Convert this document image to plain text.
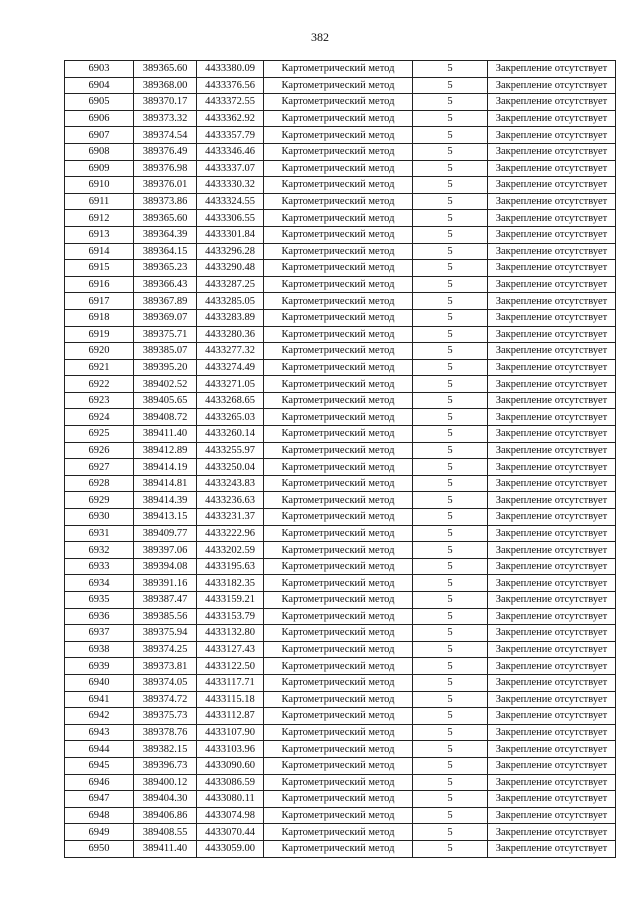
382
6903	389365.60	4433380.09	Картометрический метод	5	Закрепление отсутствует
6904	389368.00	4433376.56	Картометрический метод	5	Закрепление отсутствует
6905	389370.17	4433372.55	Картометрический метод	5	Закрепление отсутствует
6906	389373.32	4433362.92	Картометрический метод	5	Закрепление отсутствует
6907	389374.54	4433357.79	Картометрический метод	5	Закрепление отсутствует
6908	389376.49	4433346.46	Картометрический метод	5	Закрепление отсутствует
6909	389376.98	4433337.07	Картометрический метод	5	Закрепление отсутствует
6910	389376.01	4433330.32	Картометрический метод	5	Закрепление отсутствует
6911	389373.86	4433324.55	Картометрический метод	5	Закрепление отсутствует
6912	389365.60	4433306.55	Картометрический метод	5	Закрепление отсутствует
6913	389364.39	4433301.84	Картометрический метод	5	Закрепление отсутствует
6914	389364.15	4433296.28	Картометрический метод	5	Закрепление отсутствует
6915	389365.23	4433290.48	Картометрический метод	5	Закрепление отсутствует
6916	389366.43	4433287.25	Картометрический метод	5	Закрепление отсутствует
6917	389367.89	4433285.05	Картометрический метод	5	Закрепление отсутствует
6918	389369.07	4433283.89	Картометрический метод	5	Закрепление отсутствует
6919	389375.71	4433280.36	Картометрический метод	5	Закрепление отсутствует
6920	389385.07	4433277.32	Картометрический метод	5	Закрепление отсутствует
6921	389395.20	4433274.49	Картометрический метод	5	Закрепление отсутствует
6922	389402.52	4433271.05	Картометрический метод	5	Закрепление отсутствует
6923	389405.65	4433268.65	Картометрический метод	5	Закрепление отсутствует
6924	389408.72	4433265.03	Картометрический метод	5	Закрепление отсутствует
6925	389411.40	4433260.14	Картометрический метод	5	Закрепление отсутствует
6926	389412.89	4433255.97	Картометрический метод	5	Закрепление отсутствует
6927	389414.19	4433250.04	Картометрический метод	5	Закрепление отсутствует
6928	389414.81	4433243.83	Картометрический метод	5	Закрепление отсутствует
6929	389414.39	4433236.63	Картометрический метод	5	Закрепление отсутствует
6930	389413.15	4433231.37	Картометрический метод	5	Закрепление отсутствует
6931	389409.77	4433222.96	Картометрический метод	5	Закрепление отсутствует
6932	389397.06	4433202.59	Картометрический метод	5	Закрепление отсутствует
6933	389394.08	4433195.63	Картометрический метод	5	Закрепление отсутствует
6934	389391.16	4433182.35	Картометрический метод	5	Закрепление отсутствует
6935	389387.47	4433159.21	Картометрический метод	5	Закрепление отсутствует
6936	389385.56	4433153.79	Картометрический метод	5	Закрепление отсутствует
6937	389375.94	4433132.80	Картометрический метод	5	Закрепление отсутствует
6938	389374.25	4433127.43	Картометрический метод	5	Закрепление отсутствует
6939	389373.81	4433122.50	Картометрический метод	5	Закрепление отсутствует
6940	389374.05	4433117.71	Картометрический метод	5	Закрепление отсутствует
6941	389374.72	4433115.18	Картометрический метод	5	Закрепление отсутствует
6942	389375.73	4433112.87	Картометрический метод	5	Закрепление отсутствует
6943	389378.76	4433107.90	Картометрический метод	5	Закрепление отсутствует
6944	389382.15	4433103.96	Картометрический метод	5	Закрепление отсутствует
6945	389396.73	4433090.60	Картометрический метод	5	Закрепление отсутствует
6946	389400.12	4433086.59	Картометрический метод	5	Закрепление отсутствует
6947	389404.30	4433080.11	Картометрический метод	5	Закрепление отсутствует
6948	389406.86	4433074.98	Картометрический метод	5	Закрепление отсутствует
6949	389408.55	4433070.44	Картометрический метод	5	Закрепление отсутствует
6950	389411.40	4433059.00	Картометрический метод	5	Закрепление отсутствует
